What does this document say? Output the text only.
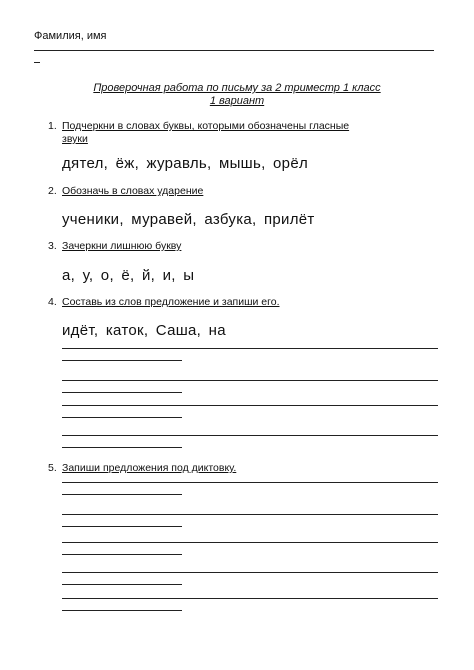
Фамилия, имя
Проверочная работа по письму за 2 триместр 1 класс
1 вариант
1. Подчеркни в словах буквы, которыми обозначены гласные
звуки
дятел, ёж, журавль, мышь, орёл
2. Обозначь в словах ударение
ученики, муравей, азбука, прилёт
3. Зачеркни лишнюю букву
а, у, о, ё, й, и, ы
4. Составь из слов предложение и запиши его.
идёт, каток, Саша, на
5. Запиши предложения под диктовку.
